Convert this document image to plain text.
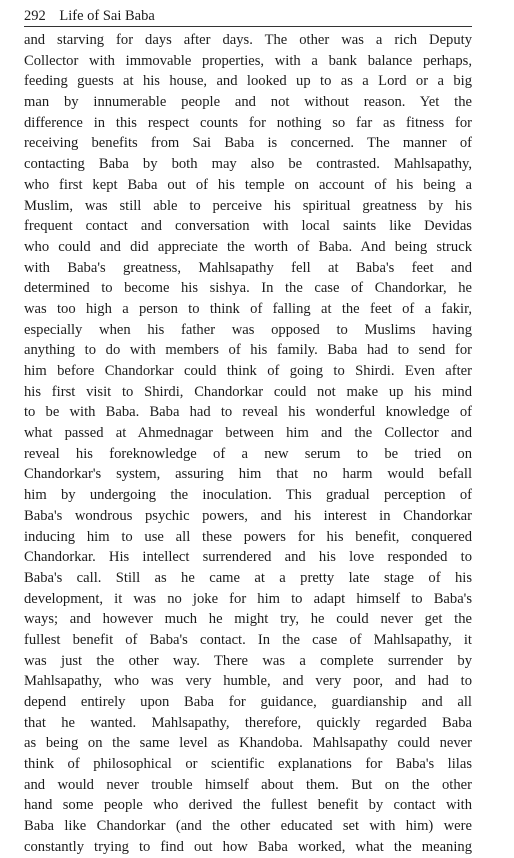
292 Life of Sai Baba
and starving for days after days. The other was a rich Deputy
Collector with immovable properties, with a bank balance perhaps,
feeding guests at his house, and looked up to as a Lord or a big
man by innumerable people and not without reason. Yet the
difference in this respect counts for nothing so far as fitness for
receiving benefits from Sai Baba is concerned. The manner of
contacting Baba by both may also be contrasted. Mahlsapathy,
who first kept Baba out of his temple on account of his being a
Muslim, was still able to perceive his spiritual greatness by his
frequent contact and conversation with local saints like Devidas
who could and did appreciate the worth of Baba. And being struck
with Baba's greatness, Mahlsapathy fell at Baba's feet and
determined to become his sishya. In the case of Chandorkar, he
was too high a person to think of falling at the feet of a fakir,
especially when his father was opposed to Muslims having
anything to do with members of his family. Baba had to send for
him before Chandorkar could think of going to Shirdi. Even after
his first visit to Shirdi, Chandorkar could not make up his mind
to be with Baba. Baba had to reveal his wonderful knowledge of
what passed at Ahmednagar between him and the Collector and
reveal his foreknowledge of a new serum to be tried on
Chandorkar's system, assuring him that no harm would befall
him by undergoing the inoculation. This gradual perception of
Baba's wondrous psychic powers, and his interest in Chandorkar
inducing him to use all these powers for his benefit, conquered
Chandorkar. His intellect surrendered and his love responded to
Baba's call. Still as he came at a pretty late stage of his
development, it was no joke for him to adapt himself to Baba's
ways; and however much he might try, he could never get the
fullest benefit of Baba's contact. In the case of Mahlsapathy, it
was just the other way. There was a complete surrender by
Mahlsapathy, who was very humble, and very poor, and had to
depend entirely upon Baba for guidance, guardianship and all
that he wanted. Mahlsapathy, therefore, quickly regarded Baba
as being on the same level as Khandoba. Mahlsapathy could never
think of philosophical or scientific explanations for Baba's lilas
and would never trouble himself about them. But on the other
hand some people who derived the fullest benefit by contact with
Baba like Chandorkar (and the other educated set with him) were
constantly trying to find out how Baba worked, what the meaning
